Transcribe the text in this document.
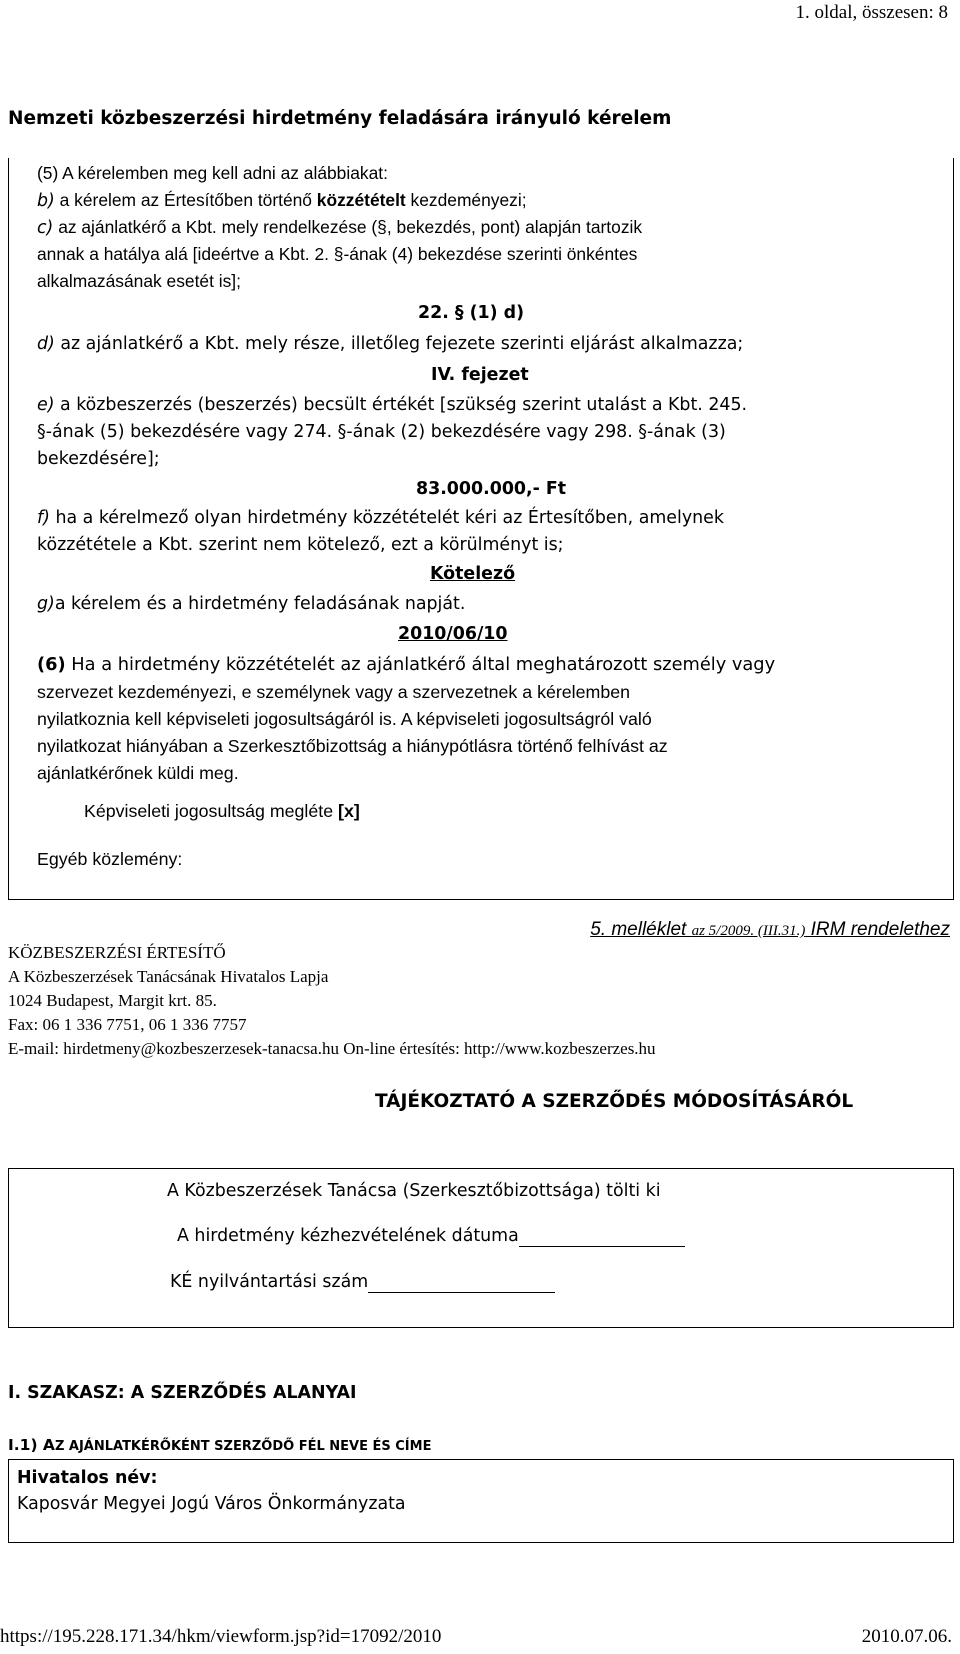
1. oldal, összesen: 8
Nemzeti közbeszerzési hirdetmény feladására irányuló kérelem
(5) A kérelemben meg kell adni az alábbiakat:
b) a kérelem az Értesítőben történő közzétételt kezdeményezi;
c) az ajánlatkérő a Kbt. mely rendelkezése (§, bekezdés, pont) alapján tartozik
annak a hatálya alá [ideértve a Kbt. 2. §-ának (4) bekezdése szerinti önkéntes
alkalmazásának esetét is];
22. § (1) d)
d) az ajánlatkérő a Kbt. mely része, illetőleg fejezete szerinti eljárást alkalmazza;
IV. fejezet
e) a közbeszerzés (beszerzés) becsült értékét [szükség szerint utalást a Kbt. 245.
§-ának (5) bekezdésére vagy 274. §-ának (2) bekezdésére vagy 298. §-ának (3)
bekezdésére];
83.000.000,- Ft
f) ha a kérelmező olyan hirdetmény közzétételét kéri az Értesítőben, amelynek
közzététele a Kbt. szerint nem kötelező, ezt a körülményt is;
Kötelező
g)a kérelem és a hirdetmény feladásának napját.
2010/06/10
(6) Ha a hirdetmény közzétételét az ajánlatkérő által meghatározott személy vagy
szervezet kezdeményezi, e személynek vagy a szervezetnek a kérelemben
nyilatkoznia kell képviseleti jogosultságáról is. A képviseleti jogosultságról való
nyilatkozat hiányában a Szerkesztőbizottság a hiánypótlásra történő felhívást az
ajánlatkérőnek küldi meg.
Képviseleti jogosultság megléte [x]
Egyéb közlemény:
5. melléklet az 5/2009. (III.31.) IRM rendelethez
KÖZBESZERZÉSI ÉRTESÍTŐ
A Közbeszerzések Tanácsának Hivatalos Lapja
1024 Budapest, Margit krt. 85.
Fax: 06 1 336 7751, 06 1 336 7757
E-mail: hirdetmeny@kozbeszerzesek-tanacsa.hu On-line értesítés: http://www.kozbeszerzes.hu
TÁJÉKOZTATÓ A SZERZŐDÉS MÓDOSÍTÁSÁRÓL
A Közbeszerzések Tanácsa (Szerkesztőbizottsága) tölti ki
A hirdetmény kézhezvételének dátuma
KÉ nyilvántartási szám
I. SZAKASZ: A SZERZŐDÉS ALANYAI
I.1) AZ AJÁNLATKÉRŐKÉNT SZERZŐDŐ FÉL NEVE ÉS CÍME
Hivatalos név:
Kaposvár Megyei Jogú Város Önkormányzata
https://195.228.171.34/hkm/viewform.jsp?id=17092/2010	2010.07.06.
